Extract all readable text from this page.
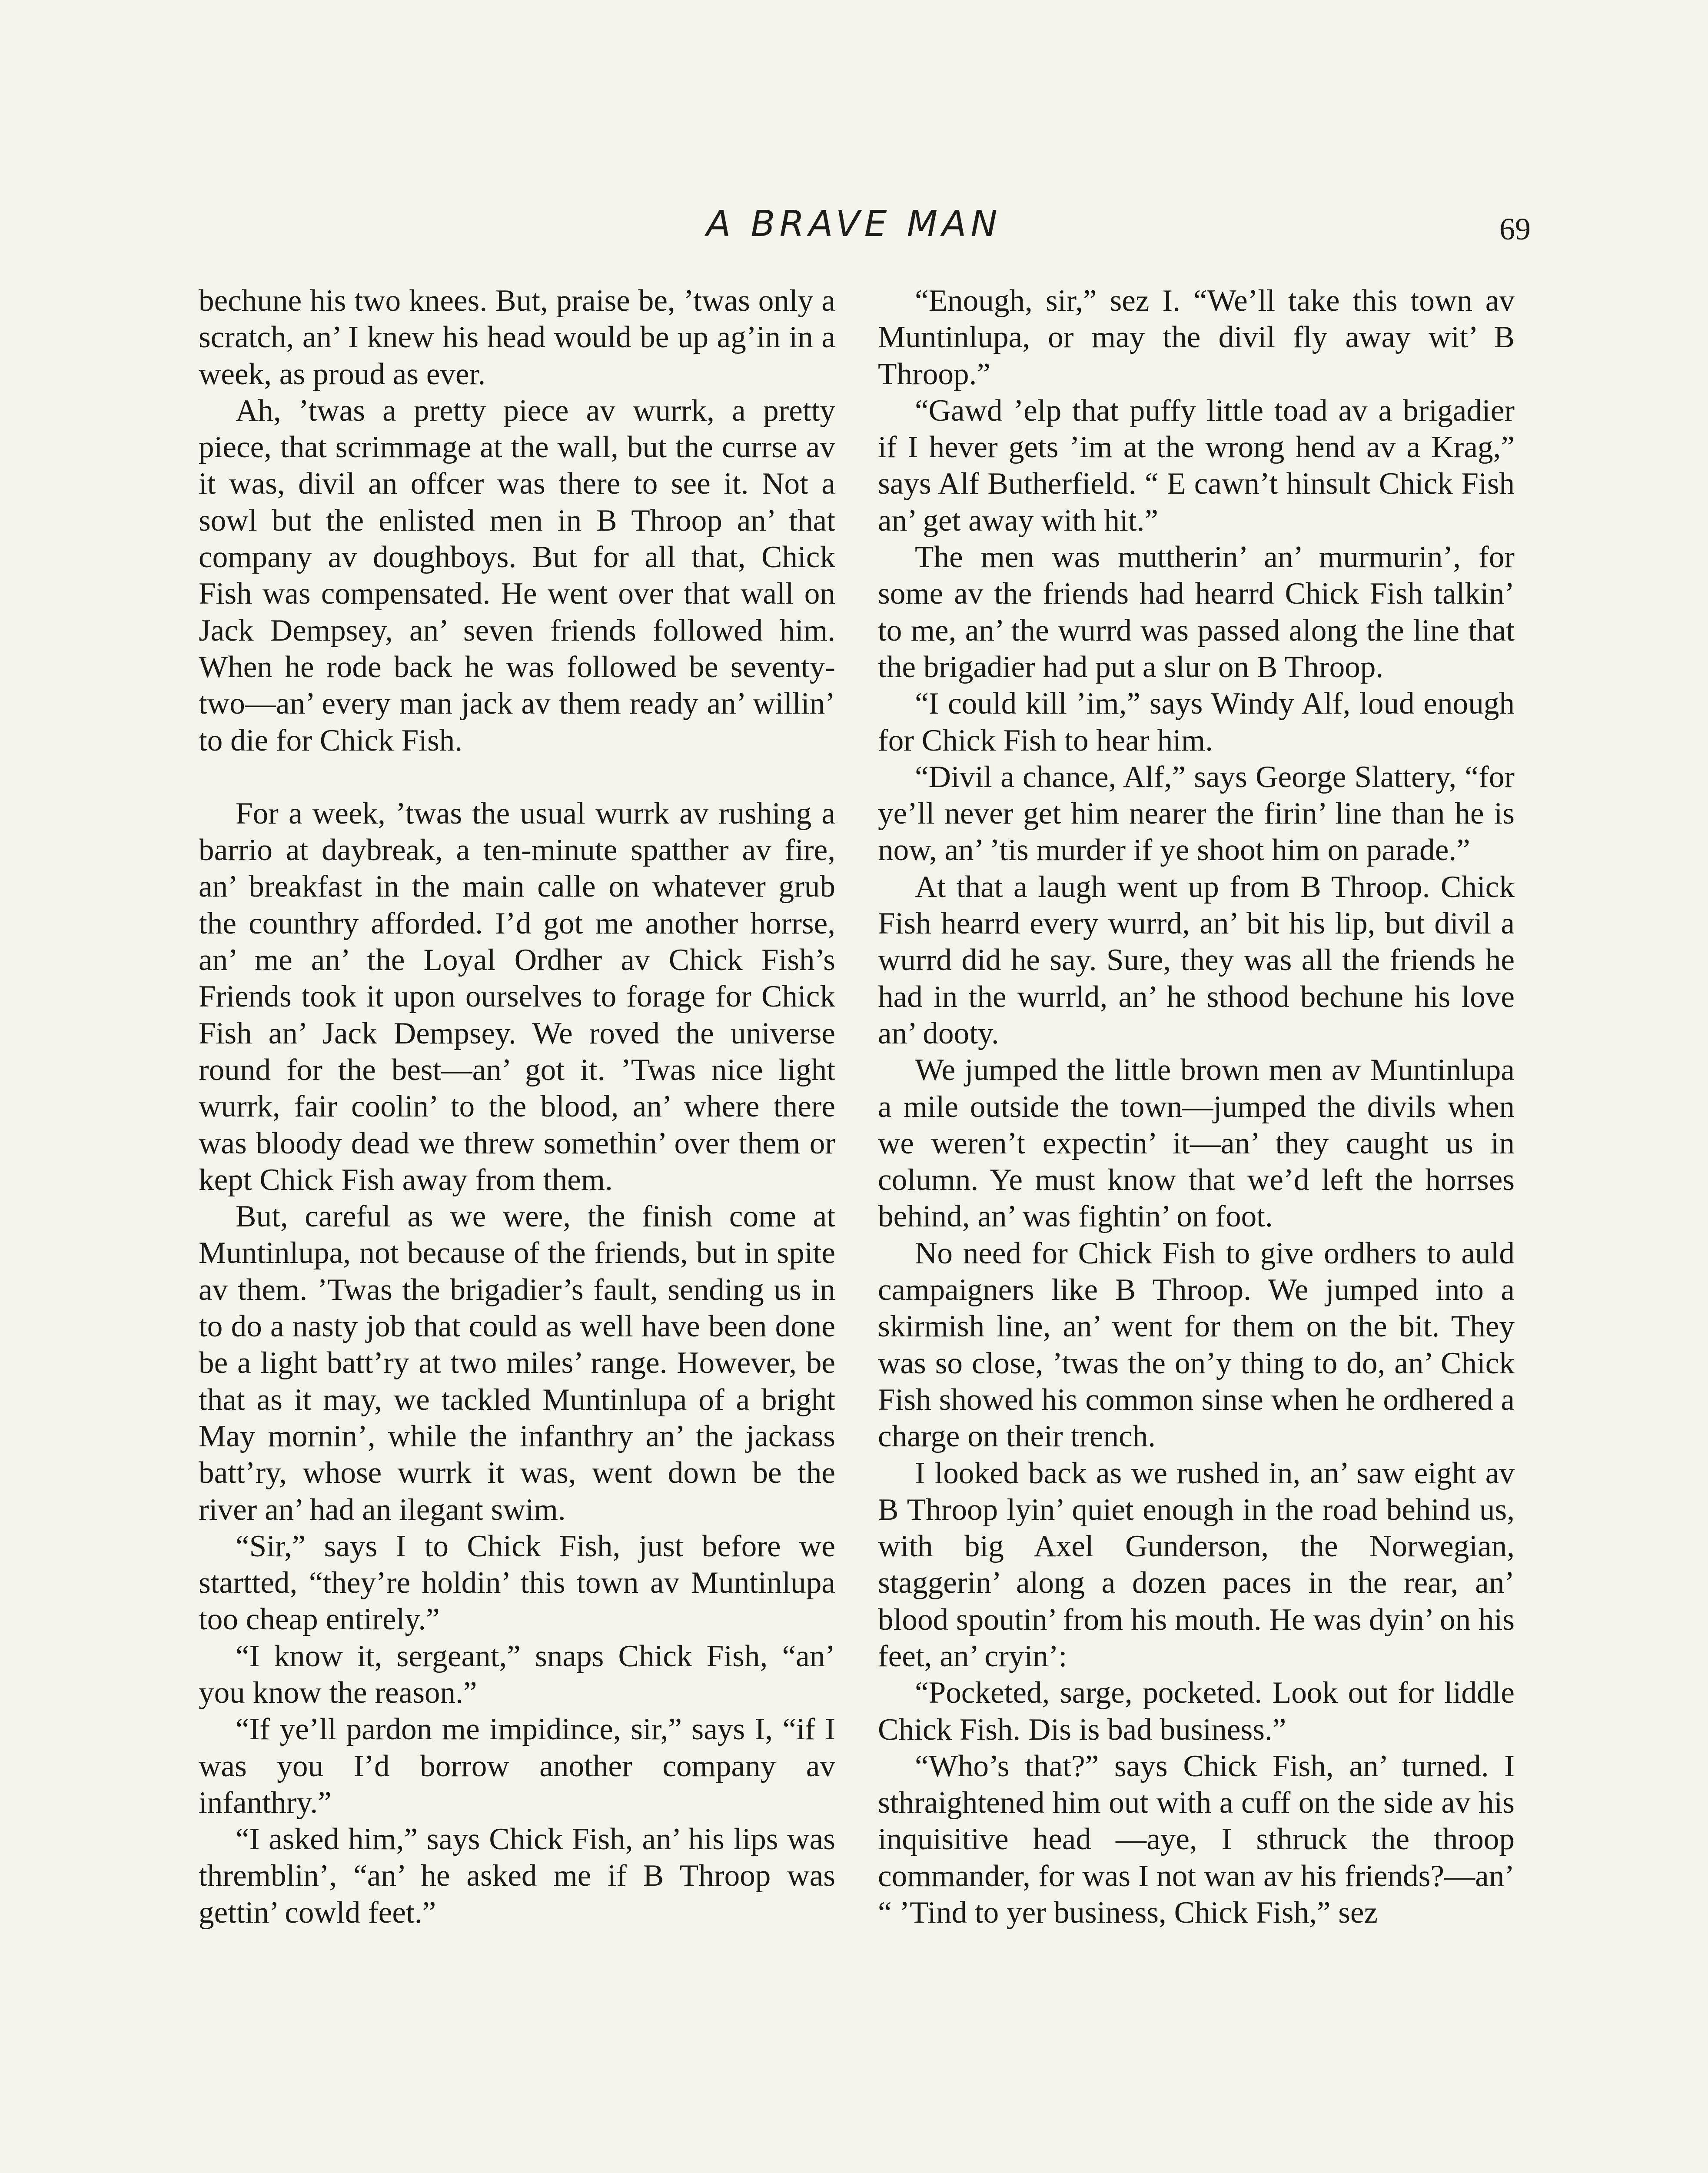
A BRAVE MAN	69

bechune his two knees. But, praise be, ’twas only a scratch, an’ I knew his head would be up ag’in in a week, as proud as ever.

Ah, ’twas a pretty piece av wurrk, a pretty piece, that scrimmage at the wall, but the currse av it was, divil an offcer was there to see it. Not a sowl but the enlisted men in B Throop an’ that company av doughboys. But for all that, Chick Fish was compensated. He went over that wall on Jack Dempsey, an’ seven friends followed him. When he rode back he was followed be seventy-two—an’ every man jack av them ready an’ willin’ to die for Chick Fish.

For a week, ’twas the usual wurrk av rushing a barrio at daybreak, a ten-minute spatther av fire, an’ breakfast in the main calle on whatever grub the counthry afforded. I’d got me another horrse, an’ me an’ the Loyal Ordher av Chick Fish’s Friends took it upon ourselves to forage for Chick Fish an’ Jack Dempsey. We roved the universe round for the best—an’ got it. ’Twas nice light wurrk, fair coolin’ to the blood, an’ where there was bloody dead we threw somethin’ over them or kept Chick Fish away from them.

But, careful as we were, the finish come at Muntinlupa, not because of the friends, but in spite av them. ’Twas the brigadier’s fault, sending us in to do a nasty job that could as well have been done be a light batt’ry at two miles’ range. However, be that as it may, we tackled Muntinlupa of a bright May mornin’, while the infanthry an’ the jackass batt’ry, whose wurrk it was, went down be the river an’ had an ilegant swim.

“Sir,” says I to Chick Fish, just before we startted, “they’re holdin’ this town av Muntinlupa too cheap entirely.”

“I know it, sergeant,” snaps Chick Fish, “an’ you know the reason.”

“If ye’ll pardon me impidince, sir,” says I, “if I was you I’d borrow another company av infanthry.”

“I asked him,” says Chick Fish, an’ his lips was thremblin’, “an’ he asked me if B Throop was gettin’ cowld feet.”

“Enough, sir,” sez I. “We’ll take this town av Muntinlupa, or may the divil fly away wit’ B Throop.”

“Gawd ’elp that puffy little toad av a brigadier if I hever gets ’im at the wrong hend av a Krag,” says Alf Butherfield. “ E cawn’t hinsult Chick Fish an’ get away with hit.”

The men was muttherin’ an’ murmurin’, for some av the friends had hearrd Chick Fish talkin’ to me, an’ the wurrd was passed along the line that the brigadier had put a slur on B Throop.

“I could kill ’im,” says Windy Alf, loud enough for Chick Fish to hear him.

“Divil a chance, Alf,” says George Slattery, “for ye’ll never get him nearer the firin’ line than he is now, an’ ’tis murder if ye shoot him on parade.”

At that a laugh went up from B Throop. Chick Fish hearrd every wurrd, an’ bit his lip, but divil a wurrd did he say. Sure, they was all the friends he had in the wurrld, an’ he sthood bechune his love an’ dooty.

We jumped the little brown men av Muntinlupa a mile outside the town—jumped the divils when we weren’t expectin’ it—an’ they caught us in column. Ye must know that we’d left the horrses behind, an’ was fightin’ on foot.

No need for Chick Fish to give ordhers to auld campaigners like B Throop. We jumped into a skirmish line, an’ went for them on the bit. They was so close, ’twas the on’y thing to do, an’ Chick Fish showed his common sinse when he ordhered a charge on their trench.

I looked back as we rushed in, an’ saw eight av B Throop lyin’ quiet enough in the road behind us, with big Axel Gunderson, the Norwegian, staggerin’ along a dozen paces in the rear, an’ blood spoutin’ from his mouth. He was dyin’ on his feet, an’ cryin’:

“Pocketed, sarge, pocketed. Look out for liddle Chick Fish. Dis is bad business.”

“Who’s that?” says Chick Fish, an’ turned. I sthraightened him out with a cuff on the side av his inquisitive head —aye, I sthruck the throop commander, for was I not wan av his friends?—an’ “ ’Tind to yer business, Chick Fish,” sez
